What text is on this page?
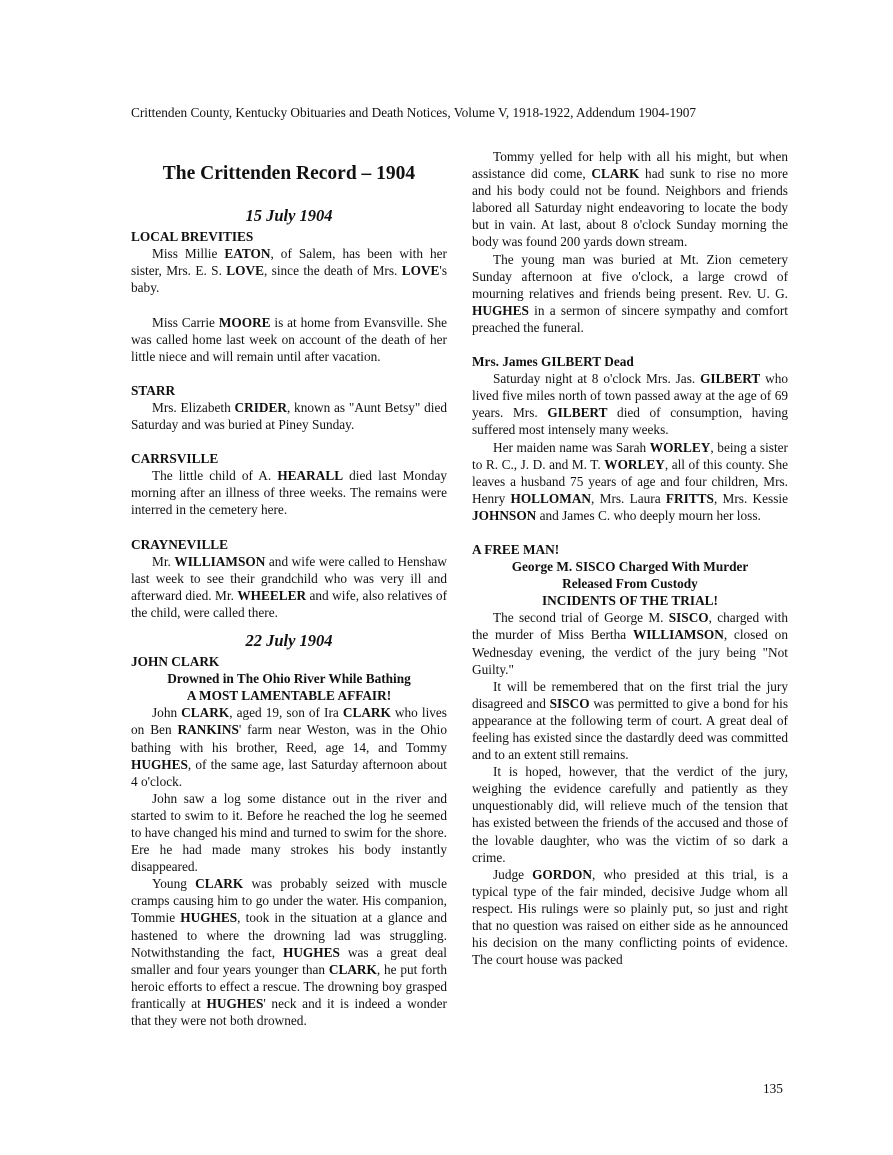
Crittenden County, Kentucky Obituaries and Death Notices, Volume V, 1918-1922, Addendum 1904-1907
The Crittenden Record – 1904
15 July 1904
LOCAL BREVITIES

Miss Millie EATON, of Salem, has been with her sister, Mrs. E. S. LOVE, since the death of Mrs. LOVE's baby.

Miss Carrie MOORE is at home from Evansville. She was called home last week on account of the death of her little niece and will remain until after vacation.

STARR

Mrs. Elizabeth CRIDER, known as "Aunt Betsy" died Saturday and was buried at Piney Sunday.

CARRSVILLE

The little child of A. HEARALL died last Monday morning after an illness of three weeks. The remains were interred in the cemetery here.

CRAYNEVILLE

Mr. WILLIAMSON and wife were called to Henshaw last week to see their grandchild who was very ill and afterward died. Mr. WHEELER and wife, also relatives of the child, were called there.

22 July 1904
JOHN CLARK
Drowned in The Ohio River While Bathing
A MOST LAMENTABLE AFFAIR!

John CLARK, aged 19, son of Ira CLARK who lives on Ben RANKINS' farm near Weston, was in the Ohio bathing with his brother, Reed, age 14, and Tommy HUGHES, of the same age, last Saturday afternoon about 4 o'clock.

John saw a log some distance out in the river and started to swim to it. Before he reached the log he seemed to have changed his mind and turned to swim for the shore. Ere he had made many strokes his body instantly disappeared.

Young CLARK was probably seized with muscle cramps causing him to go under the water. His companion, Tommie HUGHES, took in the situation at a glance and hastened to where the drowning lad was struggling. Notwithstanding the fact, HUGHES was a great deal smaller and four years younger than CLARK, he put forth heroic efforts to effect a rescue. The drowning boy grasped frantically at HUGHES' neck and it is indeed a wonder that they were not both drowned.

Tommy yelled for help with all his might, but when assistance did come, CLARK had sunk to rise no more and his body could not be found. Neighbors and friends labored all Saturday night endeavoring to locate the body but in vain. At last, about 8 o'clock Sunday morning the body was found 200 yards down stream.

The young man was buried at Mt. Zion cemetery Sunday afternoon at five o'clock, a large crowd of mourning relatives and friends being present. Rev. U. G. HUGHES in a sermon of sincere sympathy and comfort preached the funeral.

Mrs. James GILBERT Dead

Saturday night at 8 o'clock Mrs. Jas. GILBERT who lived five miles north of town passed away at the age of 69 years. Mrs. GILBERT died of consumption, having suffered most intensely many weeks.

Her maiden name was Sarah WORLEY, being a sister to R. C., J. D. and M. T. WORLEY, all of this county. She leaves a husband 75 years of age and four children, Mrs. Henry HOLLOMAN, Mrs. Laura FRITTS, Mrs. Kessie JOHNSON and James C. who deeply mourn her loss.

A FREE MAN!
George M. SISCO Charged With Murder
Released From Custody
INCIDENTS OF THE TRIAL!

The second trial of George M. SISCO, charged with the murder of Miss Bertha WILLIAMSON, closed on Wednesday evening, the verdict of the jury being "Not Guilty."

It will be remembered that on the first trial the jury disagreed and SISCO was permitted to give a bond for his appearance at the following term of court. A great deal of feeling has existed since the dastardly deed was committed and to an extent still remains.

It is hoped, however, that the verdict of the jury, weighing the evidence carefully and patiently as they unquestionably did, will relieve much of the tension that has existed between the friends of the accused and those of the lovable daughter, who was the victim of so dark a crime.

Judge GORDON, who presided at this trial, is a typical type of the fair minded, decisive Judge whom all respect. His rulings were so plainly put, so just and right that no question was raised on either side as he announced his decision on the many conflicting points of evidence. The court house was packed

135
